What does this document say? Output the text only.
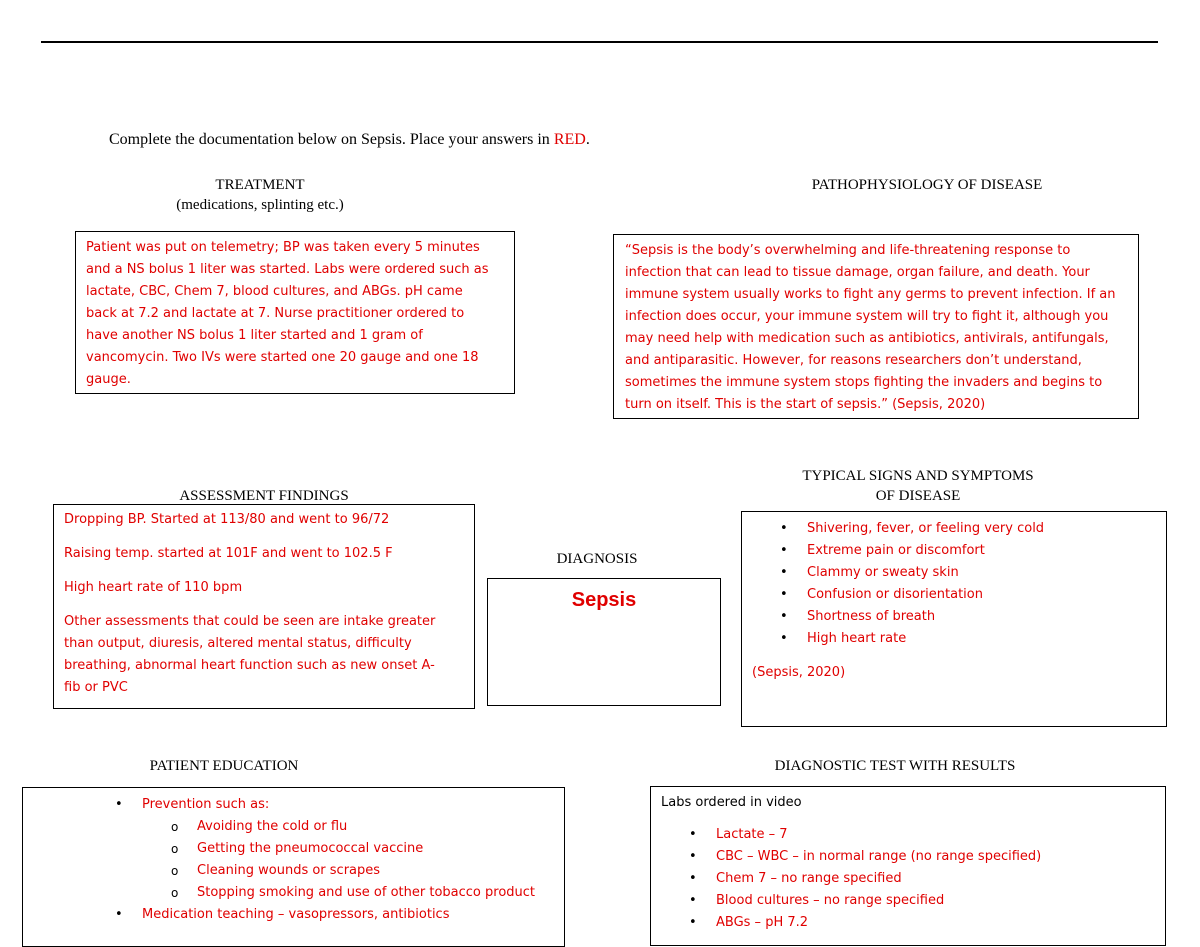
Complete the documentation below on Sepsis. Place your answers in RED.
TREATMENT
(medications, splinting etc.)
Patient was put on telemetry; BP was taken every 5 minutes
and a NS bolus 1 liter was started. Labs were ordered such as
lactate, CBC, Chem 7, blood cultures, and ABGs. pH came
back at 7.2 and lactate at 7. Nurse practitioner ordered to
have another NS bolus 1 liter started and 1 gram of
vancomycin. Two IVs were started one 20 gauge and one 18
gauge.
PATHOPHYSIOLOGY OF DISEASE
“Sepsis is the body’s overwhelming and life-threatening response to
infection that can lead to tissue damage, organ failure, and death. Your
immune system usually works to fight any germs to prevent infection. If an
infection does occur, your immune system will try to fight it, although you
may need help with medication such as antibiotics, antivirals, antifungals,
and antiparasitic. However, for reasons researchers don’t understand,
sometimes the immune system stops fighting the invaders and begins to
turn on itself. This is the start of sepsis.” (Sepsis, 2020)
ASSESSMENT FINDINGS
Dropping BP. Started at 113/80 and went to 96/72
Raising temp. started at 101F and went to 102.5 F
High heart rate of 110 bpm
Other assessments that could be seen are intake greater
than output, diuresis, altered mental status, difficulty
breathing, abnormal heart function such as new onset A-
fib or PVC
DIAGNOSIS
Sepsis
TYPICAL SIGNS AND SYMPTOMS
OF DISEASE
• Shivering, fever, or feeling very cold
• Extreme pain or discomfort
• Clammy or sweaty skin
• Confusion or disorientation
• Shortness of breath
• High heart rate
(Sepsis, 2020)
PATIENT EDUCATION
• Prevention such as:
o Avoiding the cold or flu
o Getting the pneumococcal vaccine
o Cleaning wounds or scrapes
o Stopping smoking and use of other tobacco product
• Medication teaching – vasopressors, antibiotics
DIAGNOSTIC TEST WITH RESULTS
Labs ordered in video
• Lactate – 7
• CBC – WBC – in normal range (no range specified)
• Chem 7 – no range specified
• Blood cultures – no range specified
• ABGs – pH 7.2
